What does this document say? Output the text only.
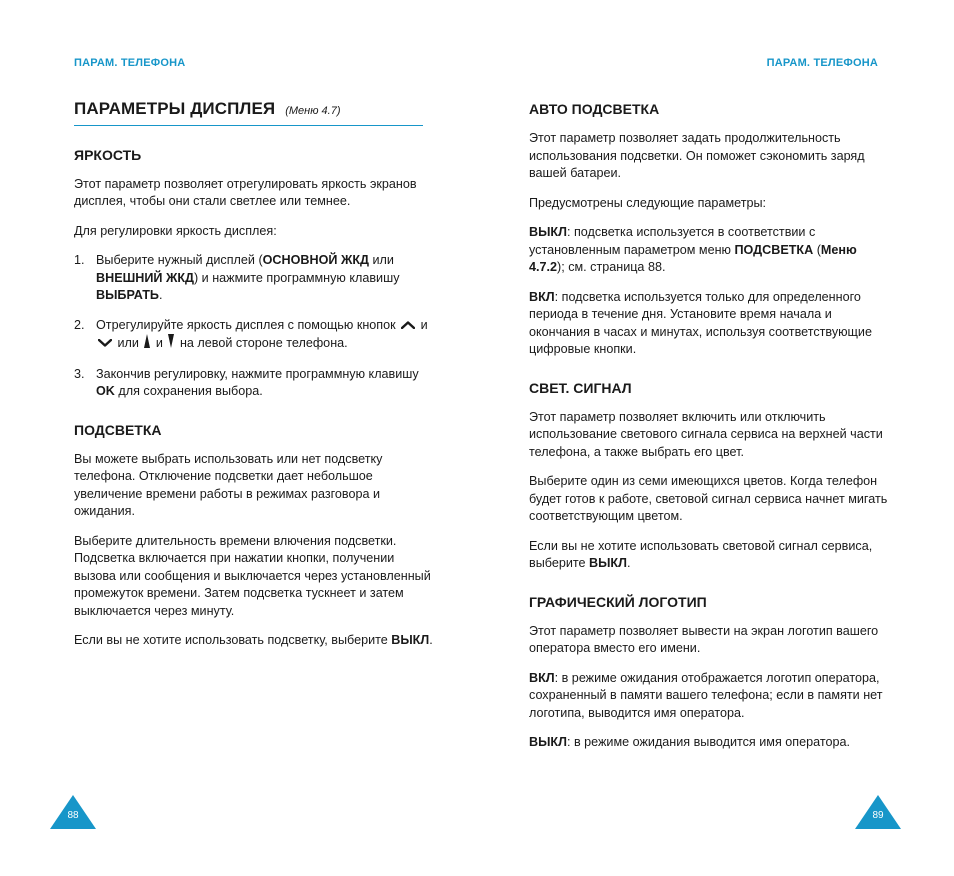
ПАРАМ. ТЕЛЕФОНА
ПАРАМЕТРЫ ДИСПЛЕЯ (Меню 4.7)
ЯРКОСТЬ

Этот параметр позволяет отрегулировать яркость экранов дисплея, чтобы они стали светлее или темнее.

Для регулировки яркость дисплея:

1. Выберите нужный дисплей (ОСНОВНОЙ ЖКД или ВНЕШНИЙ ЖКД) и нажмите программную клавишу ВЫБРАТЬ.
2. Отрегулируйте яркость дисплея с помощью кнопок и  или и на левой стороне телефона.
3. Закончив регулировку, нажмите программную клавишу OK для сохранения выбора.
ПОДСВЕТКА

Вы можете выбрать использовать или нет подсветку телефона. Отключение подсветки дает небольшое увеличение времени работы в режимах разговора и ожидания.

Выберите длительность времени влючения подсветки. Подсветка включается при нажатии кнопки, получении вызова или сообщения и выключается через установленный промежуток времени. Затем подсветка тускнеет и затем выключается через минуту.

Если вы не хотите использовать подсветку, выберите ВЫКЛ.

88
ПАРАМ. ТЕЛЕФОНА
АВТО ПОДСВЕТКА

Этот параметр позволяет задать продолжительность использования подсветки. Он поможет сэкономить заряд вашей батареи.

Предусмотрены следующие параметры:

ВЫКЛ: подсветка используется в соответствии с установленным параметром меню ПОДСВЕТКА (Меню 4.7.2); см. страница 88.

ВКЛ: подсветка используется только для определенного периода в течение дня. Установите время начала и окончания в часах и минутах, используя соответствующие цифровые кнопки.

СВЕТ. СИГНАЛ

Этот параметр позволяет включить или отключить использование светового сигнала сервиса на верхней части телефона, а также выбрать его цвет.

Выберите один из семи имеющихся цветов. Когда телефон будет готов к работе, световой сигнал сервиса начнет мигать соответствующим цветом.

Если вы не хотите использовать световой сигнал сервиса, выберите ВЫКЛ.

ГРАФИЧЕСКИЙ ЛОГОТИП

Этот параметр позволяет вывести на экран логотип вашего оператора вместо его имени.

ВКЛ: в режиме ожидания отображается логотип оператора, сохраненный в памяти вашего телефона; если в памяти нет логотипа, выводится имя оператора.

ВЫКЛ: в режиме ожидания выводится имя оператора.

89
